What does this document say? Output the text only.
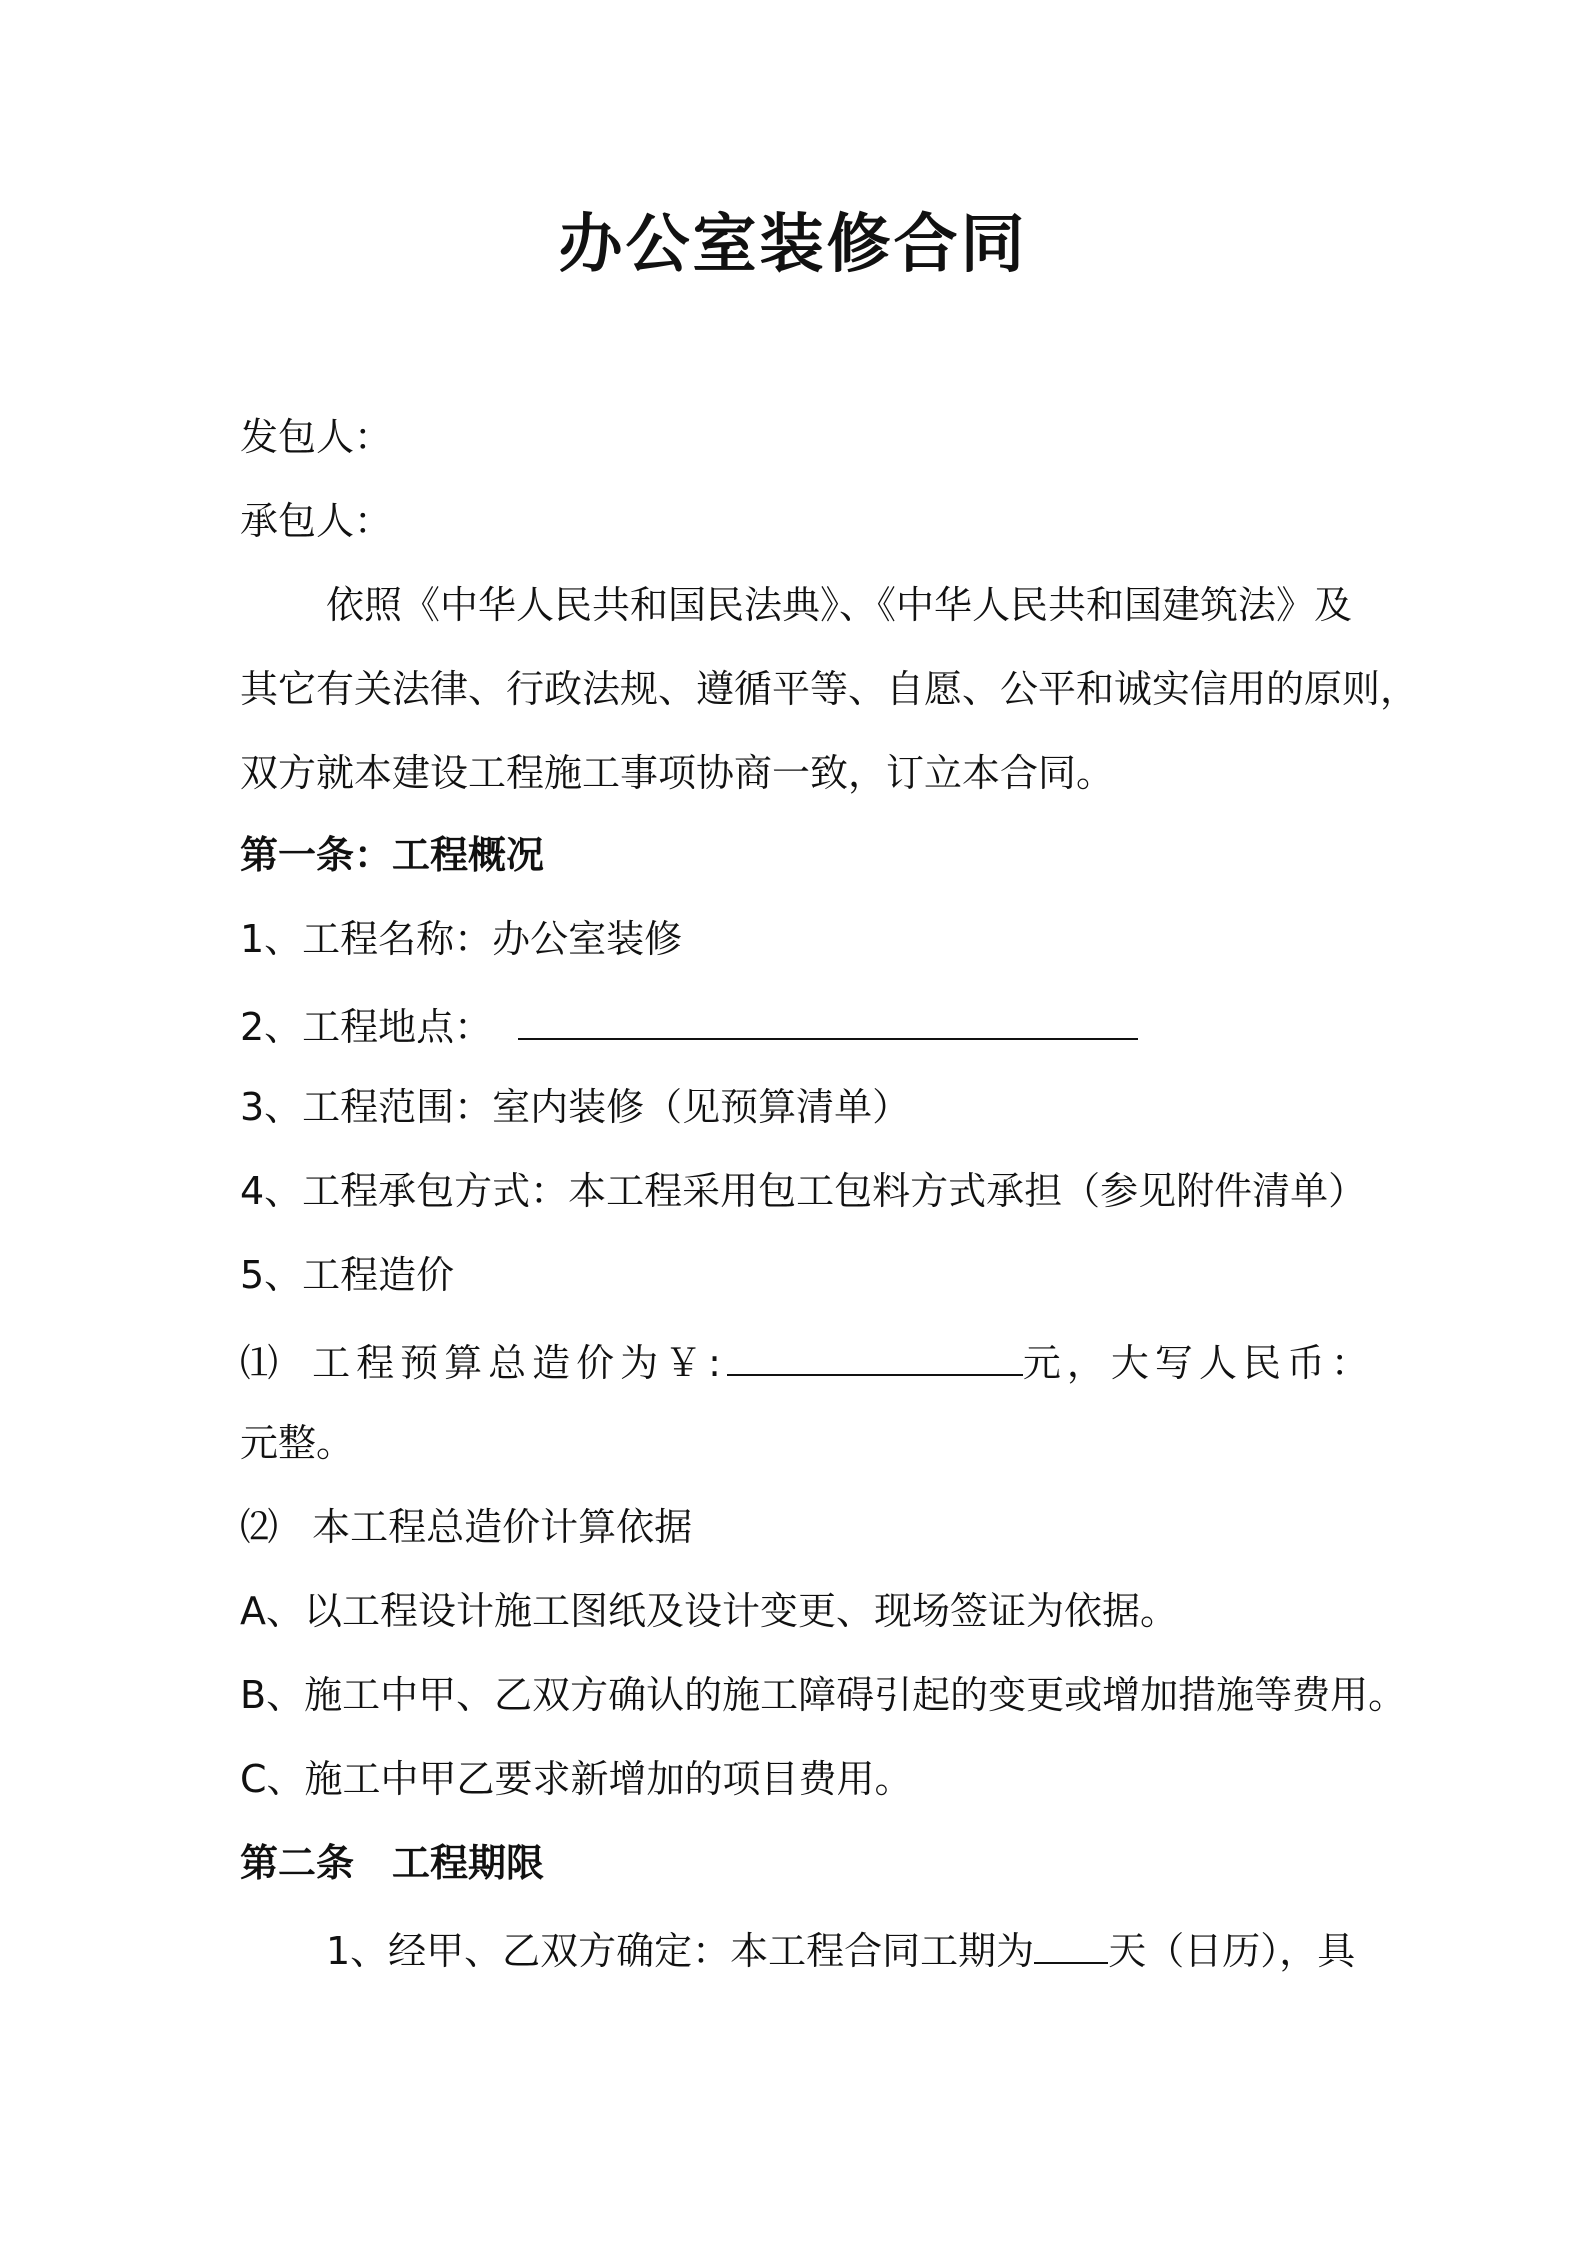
办公室装修合同
发包人：
承包人：
依照《中华人民共和国民法典》、《中华人民共和国建筑法》及
其它有关法律、行政法规、遵循平等、自愿、公平和诚实信用的原则，
双方就本建设工程施工事项协商一致，订立本合同。
第一条：工程概况
1、工程名称：办公室装修
2、工程地点：
3、工程范围：室内装修（见预算清单）
4、工程承包方式：本工程采用包工包料方式承担（参见附件清单）
5、工程造价
⑴ 工程预算总造价为￥:	元，大写人民币：
元整。
⑵ 本工程总造价计算依据
A、以工程设计施工图纸及设计变更、现场签证为依据。
B、施工中甲、乙双方确认的施工障碍引起的变更或增加措施等费用。
C、施工中甲乙要求新增加的项目费用。
第二条　工程期限
1、经甲、乙双方确定：本工程合同工期为 天（日历），具
